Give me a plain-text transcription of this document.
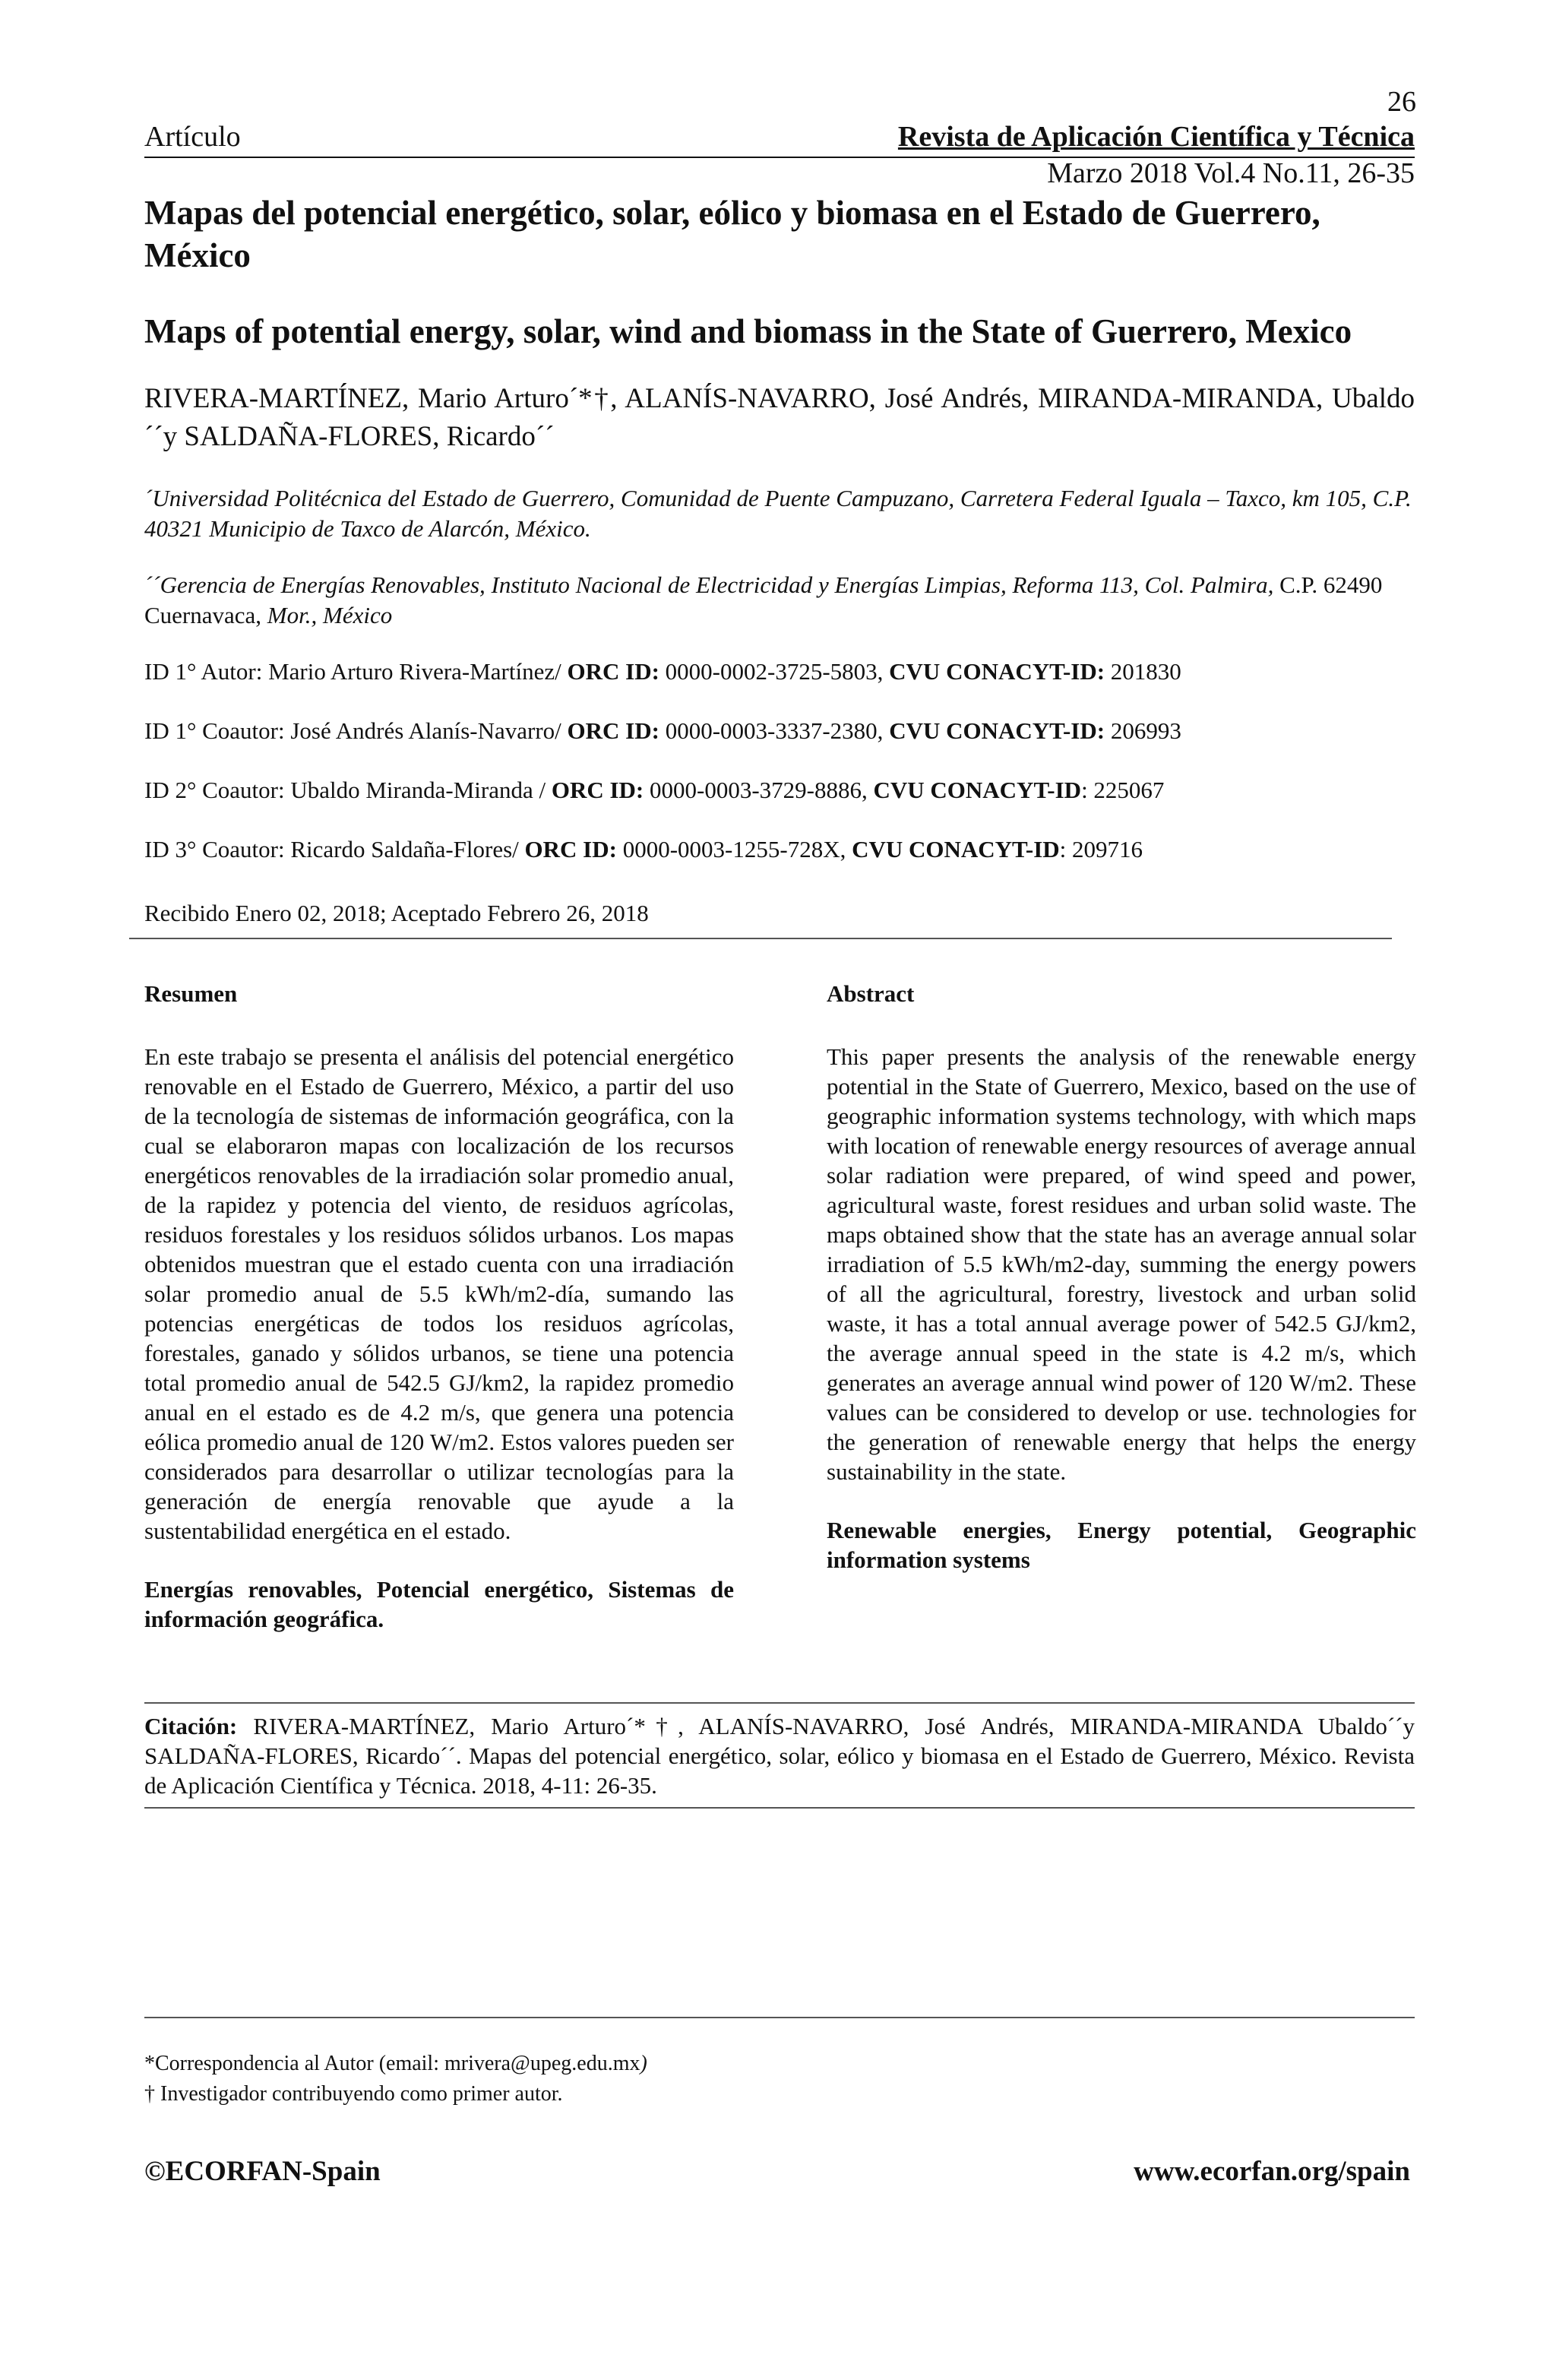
26
Artículo	Revista de Aplicación Científica y Técnica
Marzo 2018 Vol.4 No.11, 26-35
Mapas del potencial energético, solar, eólico y biomasa en el Estado de Guerrero, México
Maps of potential energy, solar, wind and biomass in the State of Guerrero, Mexico
RIVERA-MARTÍNEZ, Mario Arturo´*†, ALANÍS-NAVARRO, José Andrés, MIRANDA-MIRANDA, Ubaldo´´y SALDAÑA-FLORES, Ricardo´´
´Universidad Politécnica del Estado de Guerrero, Comunidad de Puente Campuzano, Carretera Federal Iguala – Taxco, km 105, C.P. 40321 Municipio de Taxco de Alarcón, México.
´´Gerencia de Energías Renovables, Instituto Nacional de Electricidad y Energías Limpias, Reforma 113, Col. Palmira, C.P. 62490 Cuernavaca, Mor., México
ID 1° Autor: Mario Arturo Rivera-Martínez/ ORC ID: 0000-0002-3725-5803, CVU CONACYT-ID: 201830
ID 1° Coautor: José Andrés Alanís-Navarro/ ORC ID: 0000-0003-3337-2380, CVU CONACYT-ID: 206993
ID 2° Coautor: Ubaldo Miranda-Miranda / ORC ID: 0000-0003-3729-8886, CVU CONACYT-ID: 225067
ID 3° Coautor: Ricardo Saldaña-Flores/ ORC ID: 0000-0003-1255-728X, CVU CONACYT-ID: 209716
Recibido Enero 02, 2018; Aceptado Febrero 26, 2018
Resumen

En este trabajo se presenta el análisis del potencial energético renovable en el Estado de Guerrero, México, a partir del uso de la tecnología de sistemas de información geográfica, con la cual se elaboraron mapas con localización de los recursos energéticos renovables de la irradiación solar promedio anual, de la rapidez y potencia del viento, de residuos agrícolas, residuos forestales y los residuos sólidos urbanos. Los mapas obtenidos muestran que el estado cuenta con una irradiación solar promedio anual de 5.5 kWh/m2-día, sumando las potencias energéticas de todos los residuos agrícolas, forestales, ganado y sólidos urbanos, se tiene una potencia total promedio anual de 542.5 GJ/km2, la rapidez promedio anual en el estado es de 4.2 m/s, que genera una potencia eólica promedio anual de 120 W/m2. Estos valores pueden ser considerados para desarrollar o utilizar tecnologías para la generación de energía renovable que ayude a la sustentabilidad energética en el estado.

Energías renovables, Potencial energético, Sistemas de información geográfica.

Abstract

This paper presents the analysis of the renewable energy potential in the State of Guerrero, Mexico, based on the use of geographic information systems technology, with which maps with location of renewable energy resources of average annual solar radiation were prepared, of wind speed and power, agricultural waste, forest residues and urban solid waste. The maps obtained show that the state has an average annual solar irradiation of 5.5 kWh/m2-day, summing the energy powers of all the agricultural, forestry, livestock and urban solid waste, it has a total annual average power of 542.5 GJ/km2, the average annual speed in the state is 4.2 m/s, which generates an average annual wind power of 120 W/m2. These values can be considered to develop or use. technologies for the generation of renewable energy that helps the energy sustainability in the state.

Renewable energies, Energy potential, Geographic information systems

Citación: RIVERA-MARTÍNEZ, Mario Arturo´*†, ALANÍS-NAVARRO, José Andrés, MIRANDA-MIRANDA Ubaldo´´y SALDAÑA-FLORES, Ricardo´´. Mapas del potencial energético, solar, eólico y biomasa en el Estado de Guerrero, México. Revista de Aplicación Científica y Técnica. 2018, 4-11: 26-35.
*Correspondencia al Autor (email: mrivera@upeg.edu.mx)
† Investigador contribuyendo como primer autor.
©ECORFAN-Spain	www.ecorfan.org/spain
